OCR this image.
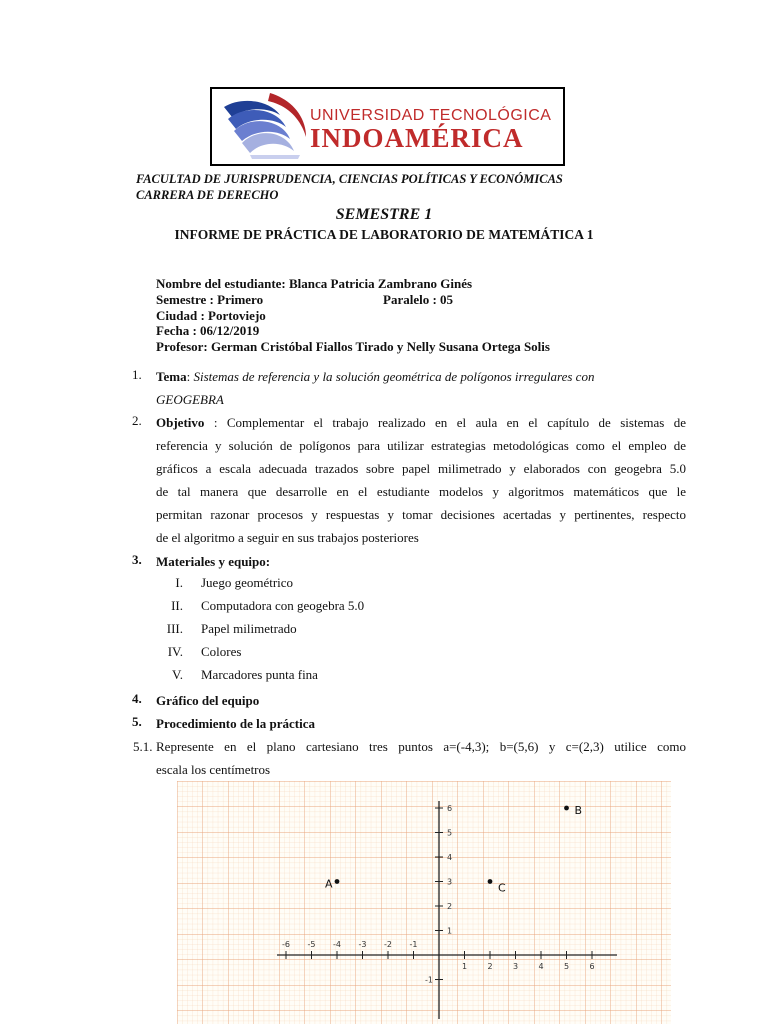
UNIVERSIDAD TECNOLÓGICA
INDOAMÉRICA
FACULTAD DE JURISPRUDENCIA, CIENCIAS POLÍTICAS Y ECONÓMICAS
CARRERA DE DERECHO
SEMESTRE 1
INFORME DE PRÁCTICA DE LABORATORIO DE MATEMÁTICA 1
Nombre del estudiante: Blanca Patricia Zambrano Ginés
Semestre : Primero	Paralelo : 05
Ciudad : Portoviejo
Fecha : 06/12/2019
Profesor: German Cristóbal Fiallos Tirado y Nelly Susana Ortega Solis
1. Tema: Sistemas de referencia y la solución geométrica de polígonos irregulares con
GEOGEBRA
2. Objetivo : Complementar el trabajo realizado en el aula en el capítulo de sistemas de
referencia y solución de polígonos para utilizar estrategias metodológicas como el empleo de
gráficos a escala adecuada trazados sobre papel milimetrado y elaborados con geogebra 5.0
de tal manera que desarrolle en el estudiante modelos y algoritmos matemáticos que le
permitan razonar procesos y respuestas y tomar decisiones acertadas y pertinentes, respecto
de el algoritmo a seguir en sus trabajos posteriores
3. Materiales y equipo:
I. Juego geométrico
II. Computadora con geogebra 5.0
III. Papel milimetrado
IV. Colores
V. Marcadores punta fina
4. Gráfico del equipo
5. Procedimiento de la práctica
5.1. Represente en el plano cartesiano tres puntos a=(-4,3); b=(5,6) y c=(2,3) utilice como
escala los centímetros
-6 -5 -4 -3 -2 -1
1	2	3	4	5	6
6
5
4
3
2
1
-1
A
B
C
